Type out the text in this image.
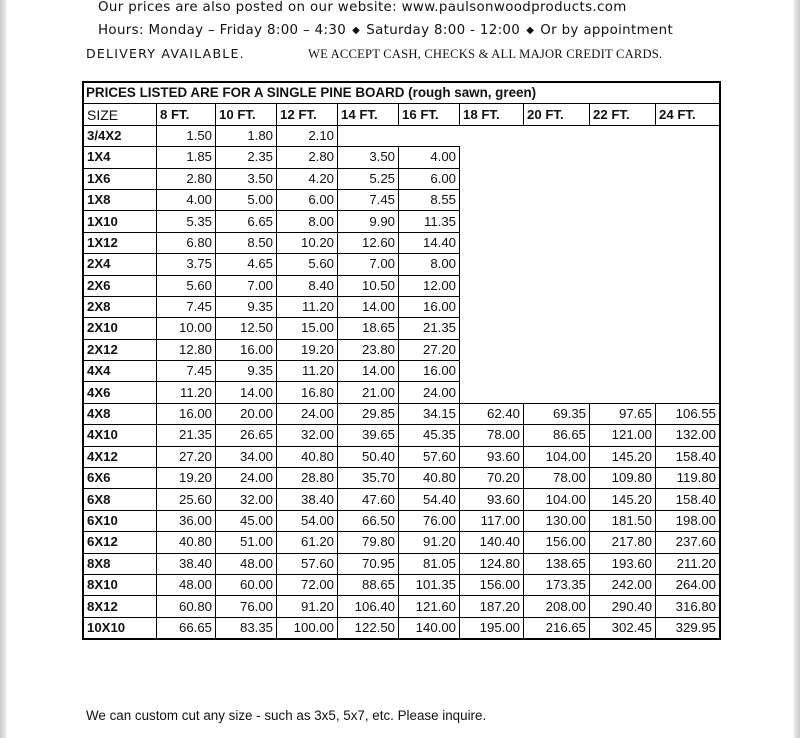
Our prices are also posted on our website: www.paulsonwoodproducts.com
Hours: Monday – Friday 8:00 – 4:30 ◆ Saturday 8:00 - 12:00 ◆ Or by appointment
DELIVERY AVAILABLE.	WE ACCEPT CASH, CHECKS & ALL MAJOR CREDIT CARDS.
PRICES LISTED ARE FOR A SINGLE PINE BOARD (rough sawn, green)									
SIZE	8 FT.	10 FT.	12 FT.	14 FT.	16 FT.	18 FT.	20 FT.	22 FT.	24 FT.
3/4X2	1.50	1.80	2.10						
1X4	1.85	2.35	2.80	3.50	4.00				
1X6	2.80	3.50	4.20	5.25	6.00				
1X8	4.00	5.00	6.00	7.45	8.55				
1X10	5.35	6.65	8.00	9.90	11.35				
1X12	6.80	8.50	10.20	12.60	14.40				
2X4	3.75	4.65	5.60	7.00	8.00				
2X6	5.60	7.00	8.40	10.50	12.00				
2X8	7.45	9.35	11.20	14.00	16.00				
2X10	10.00	12.50	15.00	18.65	21.35				
2X12	12.80	16.00	19.20	23.80	27.20				
4X4	7.45	9.35	11.20	14.00	16.00				
4X6	11.20	14.00	16.80	21.00	24.00				
4X8	16.00	20.00	24.00	29.85	34.15	62.40	69.35	97.65	106.55
4X10	21.35	26.65	32.00	39.65	45.35	78.00	86.65	121.00	132.00
4X12	27.20	34.00	40.80	50.40	57.60	93.60	104.00	145.20	158.40
6X6	19.20	24.00	28.80	35.70	40.80	70.20	78.00	109.80	119.80
6X8	25.60	32.00	38.40	47.60	54.40	93.60	104.00	145.20	158.40
6X10	36.00	45.00	54.00	66.50	76.00	117.00	130.00	181.50	198.00
6X12	40.80	51.00	61.20	79.80	91.20	140.40	156.00	217.80	237.60
8X8	38.40	48.00	57.60	70.95	81.05	124.80	138.65	193.60	211.20
8X10	48.00	60.00	72.00	88.65	101.35	156.00	173.35	242.00	264.00
8X12	60.80	76.00	91.20	106.40	121.60	187.20	208.00	290.40	316.80
10X10	66.65	83.35	100.00	122.50	140.00	195.00	216.65	302.45	329.95
We can custom cut any size - such as 3x5, 5x7, etc. Please inquire.
